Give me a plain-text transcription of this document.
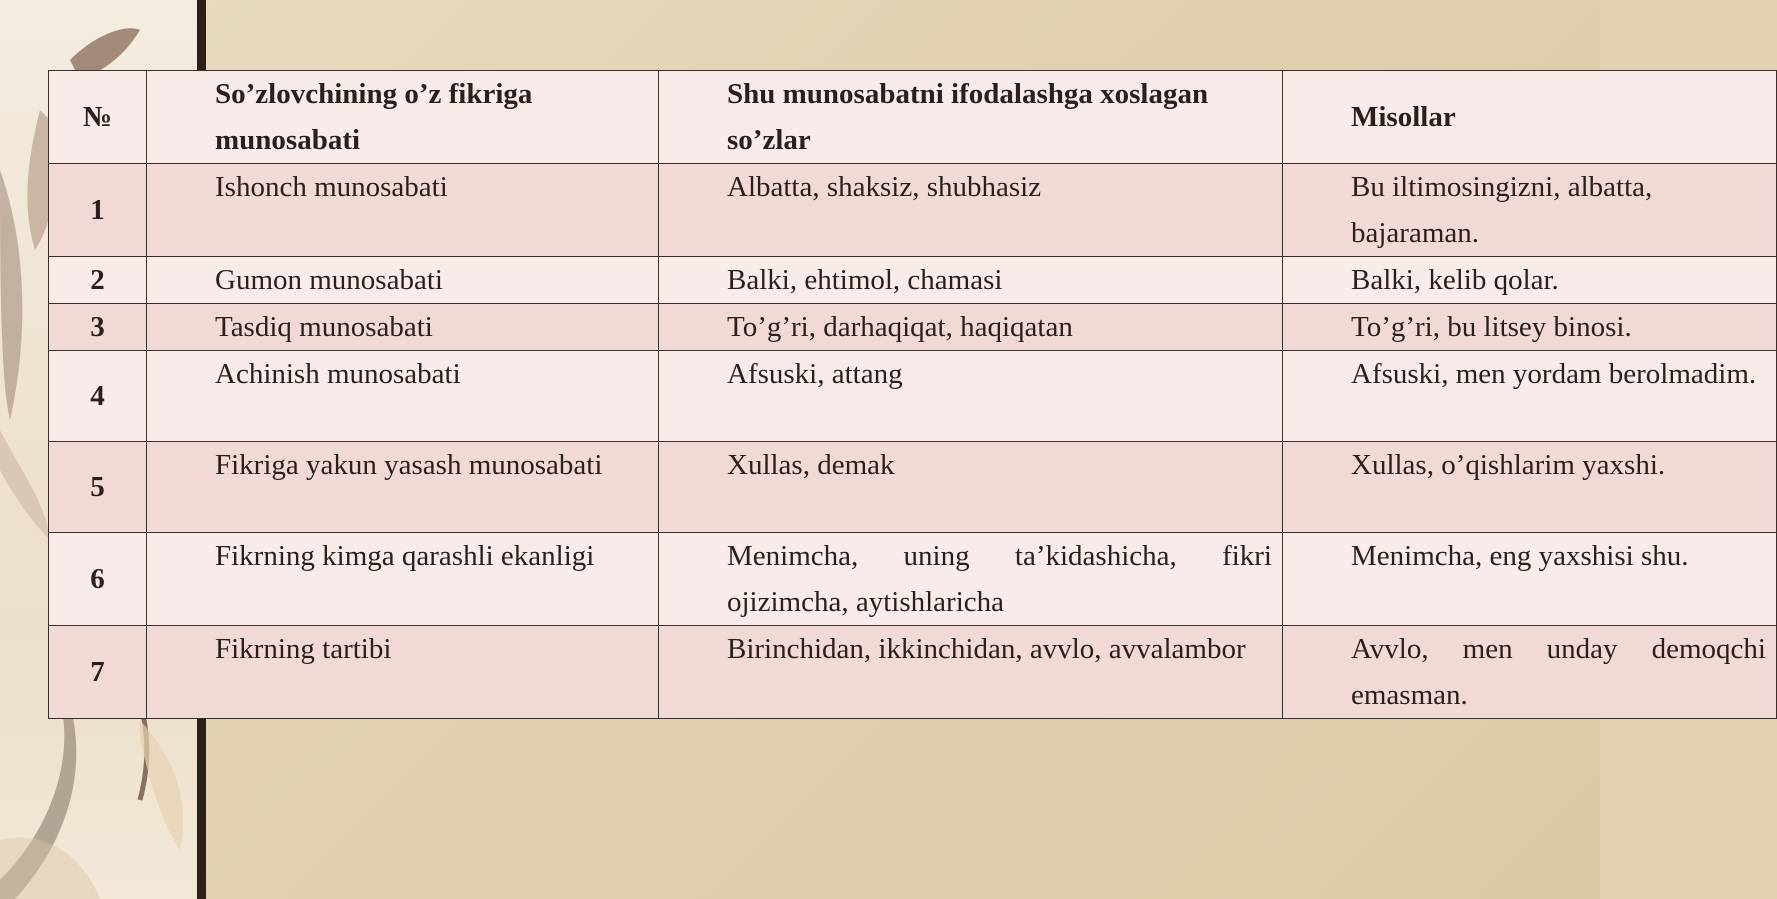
№	So’zlovchining o’z fikriga munosabati	Shu munosabatni ifodalashga xoslagan so’zlar	Misollar
1	Ishonch munosabati	Albatta, shaksiz, shubhasiz	Bu iltimosingizni, albatta, bajaraman.
2	Gumon munosabati	Balki, ehtimol, chamasi	Balki, kelib qolar.
3	Tasdiq munosabati	To’g’ri, darhaqiqat, haqiqatan	To’g’ri, bu litsey binosi.
4	Achinish munosabati	Afsuski, attang	Afsuski, men yordam berolmadim.
5	Fikriga yakun yasash munosabati	Xullas, demak	Xullas, o’qishlarim yaxshi.
6	Fikrning kimga qarashli ekanligi	Menimcha, uning ta’kidashicha, fikri ojizimcha, aytishlaricha	Menimcha, eng yaxshisi shu.
7	Fikrning tartibi	Birinchidan, ikkinchidan, avvlo, avvalambor	Avvlo, men unday demoqchi emasman.
